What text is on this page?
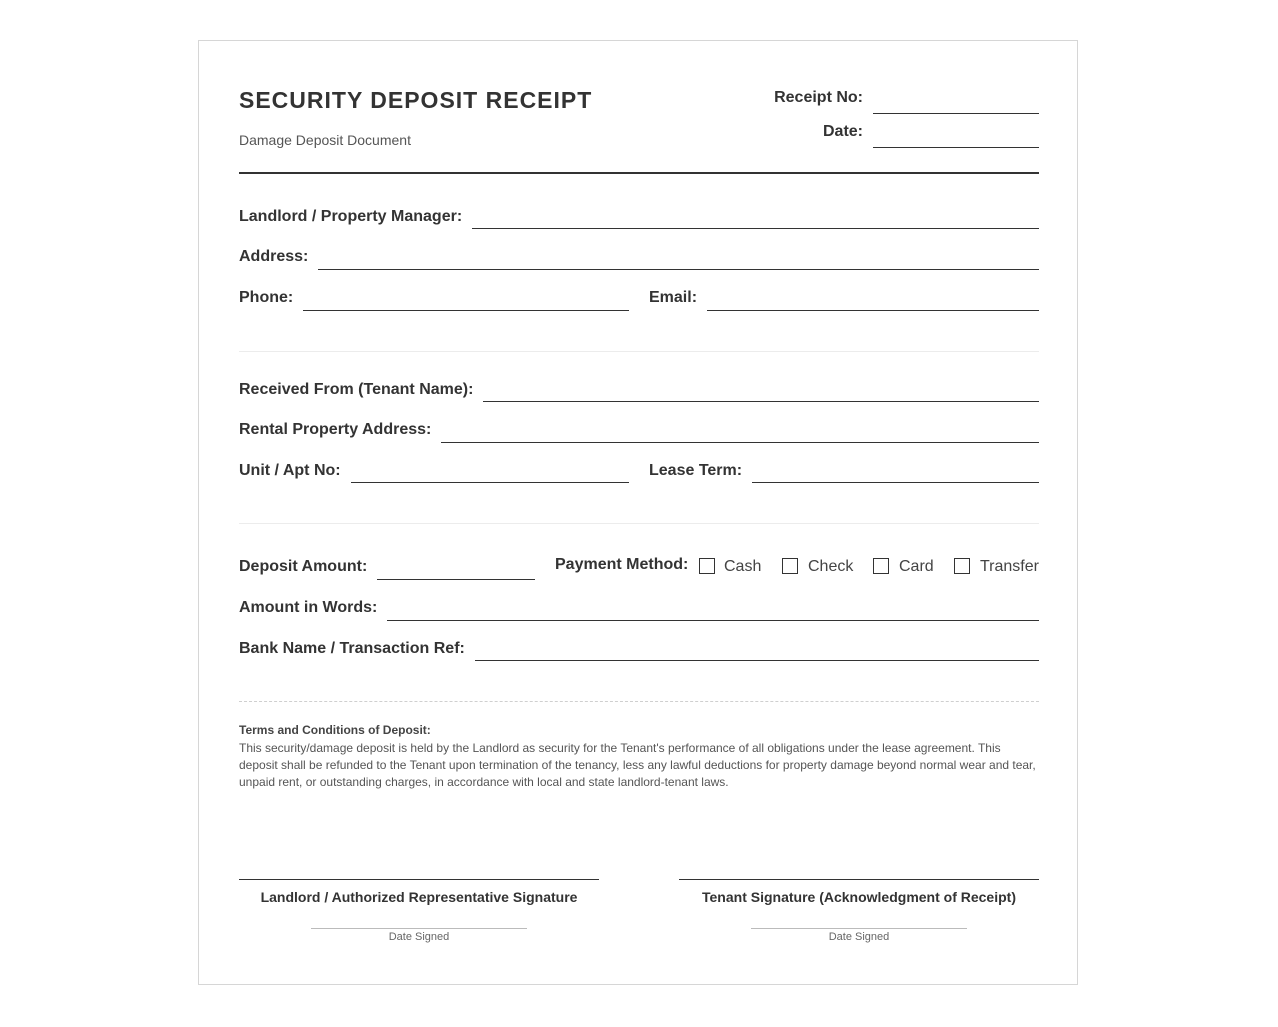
SECURITY DEPOSIT RECEIPT
Damage Deposit Document
Receipt No:
Date:
Landlord / Property Manager:
Address:
Phone:	Email:
Received From (Tenant Name):
Rental Property Address:
Unit / Apt No:	Lease Term:
Deposit Amount:	Payment Method: Cash	Check	Card	Transfer
Amount in Words:
Bank Name / Transaction Ref:
Terms and Conditions of Deposit:
This security/damage deposit is held by the Landlord as security for the Tenant's performance of all obligations under the lease agreement. This deposit shall be refunded to the Tenant upon termination of the tenancy, less any lawful deductions for property damage beyond normal wear and tear, unpaid rent, or outstanding charges, in accordance with local and state landlord-tenant laws.
Landlord / Authorized Representative Signature
Date Signed
Tenant Signature (Acknowledgment of Receipt)
Date Signed
